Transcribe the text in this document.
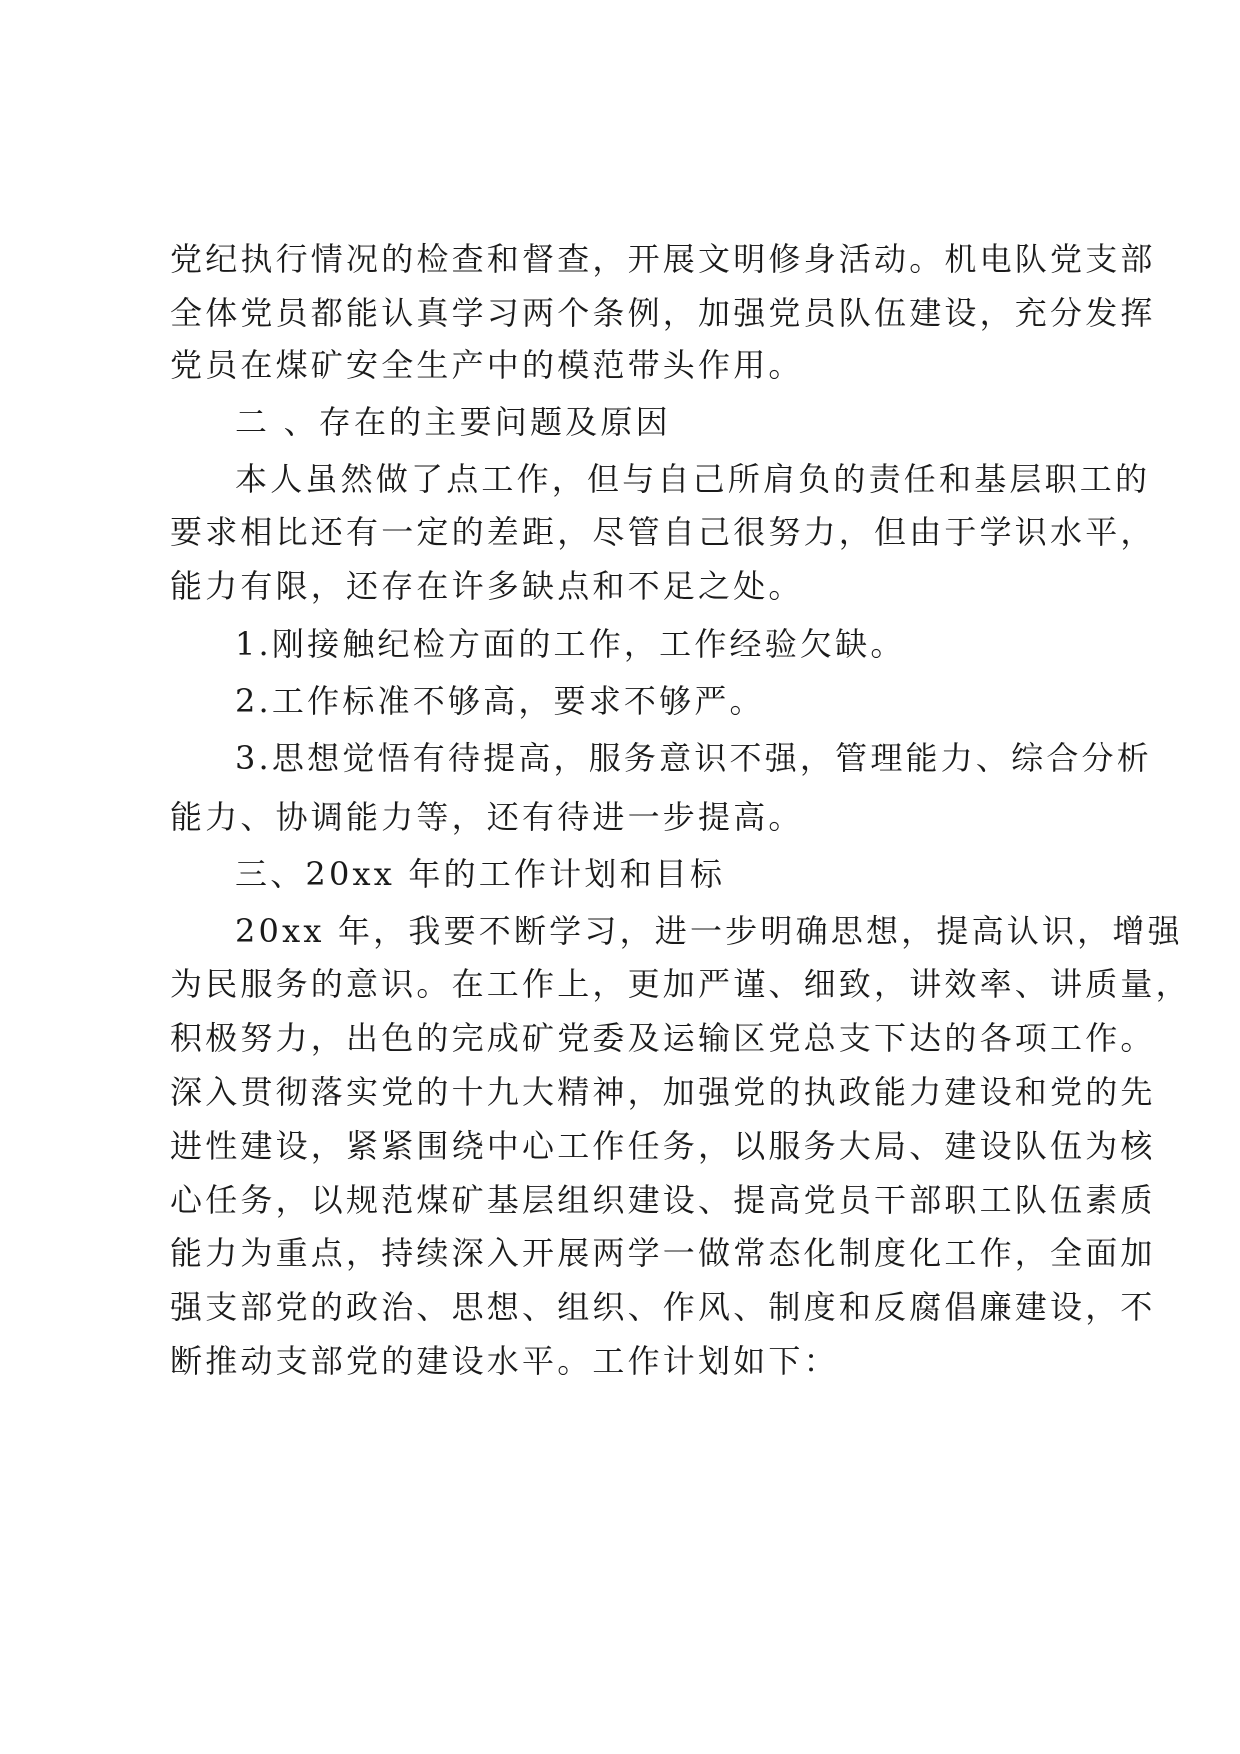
党纪执行情况的检查和督查，开展文明修身活动。机电队党支部
全体党员都能认真学习两个条例，加强党员队伍建设，充分发挥
党员在煤矿安全生产中的模范带头作用。
二 、存在的主要问题及原因
本人虽然做了点工作，但与自己所肩负的责任和基层职工的
要求相比还有一定的差距，尽管自己很努力，但由于学识水平，
能力有限，还存在许多缺点和不足之处。
1.刚接触纪检方面的工作，工作经验欠缺。
2.工作标准不够高，要求不够严。
3.思想觉悟有待提高，服务意识不强，管理能力、综合分析
能力、协调能力等，还有待进一步提高。
三、20xx 年的工作计划和目标
20xx 年，我要不断学习，进一步明确思想，提高认识，增强
为民服务的意识。在工作上，更加严谨、细致，讲效率、讲质量，
积极努力，出色的完成矿党委及运输区党总支下达的各项工作。
深入贯彻落实党的十九大精神，加强党的执政能力建设和党的先
进性建设，紧紧围绕中心工作任务，以服务大局、建设队伍为核
心任务，以规范煤矿基层组织建设、提高党员干部职工队伍素质
能力为重点，持续深入开展两学一做常态化制度化工作，全面加
强支部党的政治、思想、组织、作风、制度和反腐倡廉建设，不
断推动支部党的建设水平。工作计划如下：
